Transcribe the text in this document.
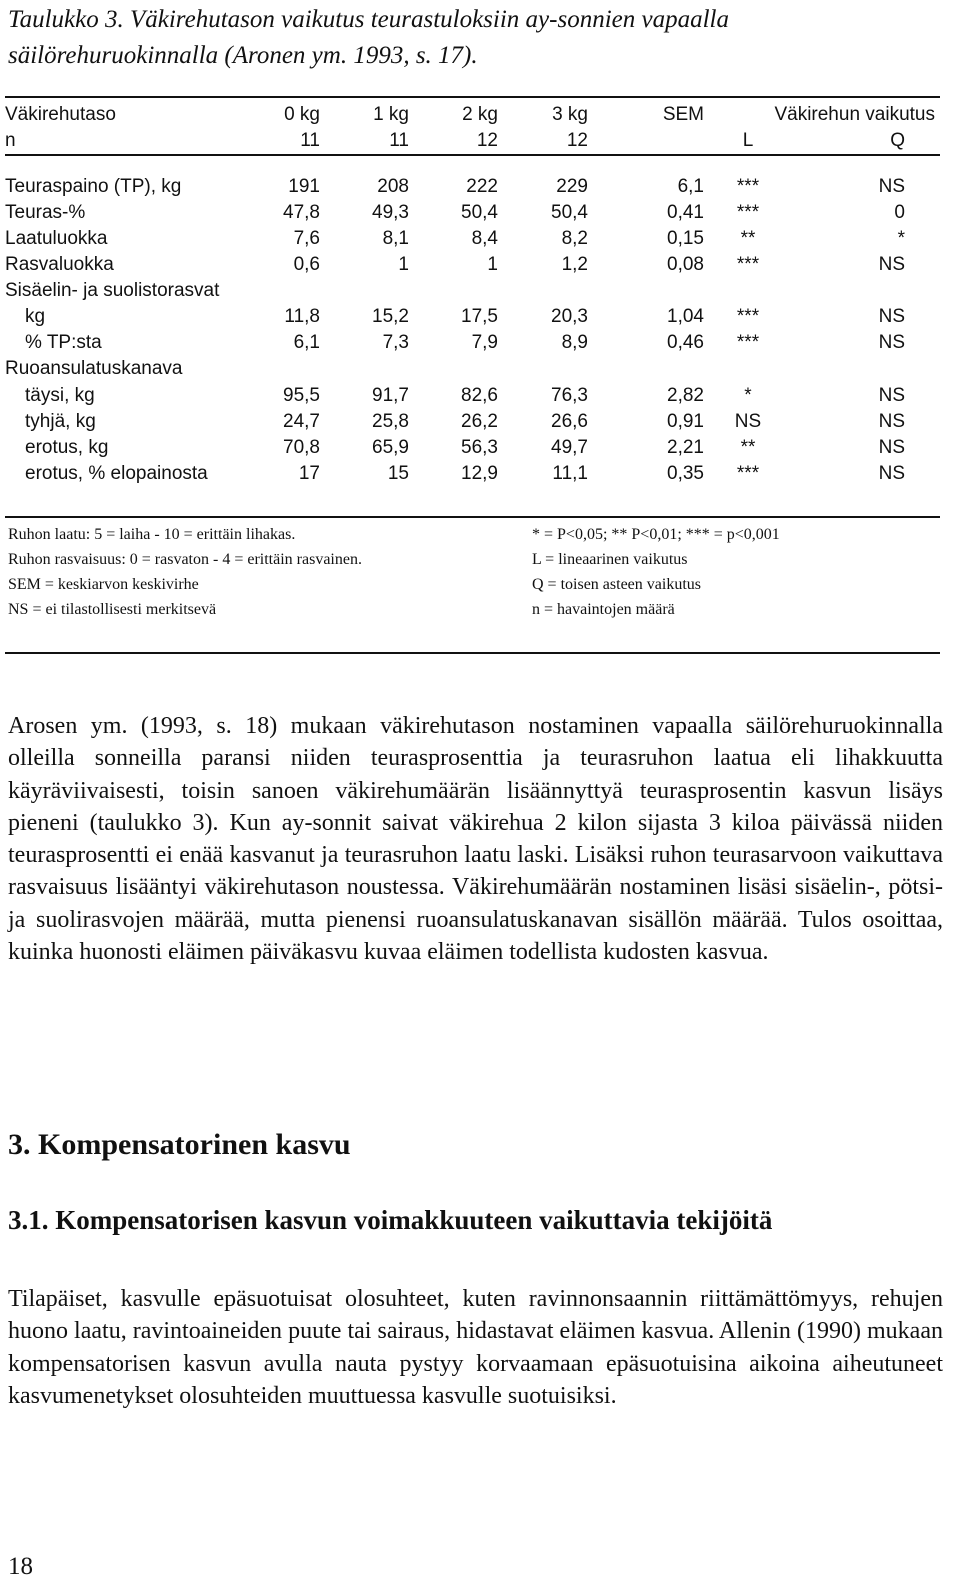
Taulukko 3. Väkirehutason vaikutus teurastuloksiin ay-sonnien vapaalla säilörehuruokinnalla (Aronen ym. 1993, s. 17).
Väkirehutaso	0 kg	1 kg	2 kg	3 kg	SEM	Väkirehun vaikutus
n	11	11	12	12	L	Q
Teuraspaino (TP), kg	191	208	222	229	6,1	***	NS
Teuras-%	47,8	49,3	50,4	50,4	0,41	***	0
Laatuluokka	7,6	8,1	8,4	8,2	0,15	**	*
Rasvaluokka	0,6	1	1	1,2	0,08	***	NS
Sisäelin- ja suolistorasvat
kg	11,8	15,2	17,5	20,3	1,04	***	NS
% TP:sta	6,1	7,3	7,9	8,9	0,46	***	NS
Ruoansulatuskanava
täysi, kg	95,5	91,7	82,6	76,3	2,82	*	NS
tyhjä, kg	24,7	25,8	26,2	26,6	0,91	NS	NS
erotus, kg	70,8	65,9	56,3	49,7	2,21	**	NS
erotus, % elopainosta	17	15	12,9	11,1	0,35	***	NS
Ruhon laatu: 5 = laiha - 10 = erittäin lihakas.
Ruhon rasvaisuus: 0 = rasvaton - 4 = erittäin rasvainen.
SEM = keskiarvon keskivirhe
NS = ei tilastollisesti merkitsevä
* = P<0,05; ** P<0,01; *** = p<0,001
L = lineaarinen vaikutus
Q = toisen asteen vaikutus
n = havaintojen määrä

Arosen ym. (1993, s. 18) mukaan väkirehutason nostaminen vapaalla säilörehuruokinnalla olleilla sonneilla paransi niiden teurasprosenttia ja teurasruhon laatua eli lihakkuutta käyräviivaisesti, toisin sanoen väkirehumäärän lisäännyttyä teurasprosentin kasvun lisäys pieneni (taulukko 3). Kun ay-sonnit saivat väkirehua 2 kilon sijasta 3 kiloa päivässä niiden teurasprosentti ei enää kasvanut ja teurasruhon laatu laski. Lisäksi ruhon teurasarvoon vaikuttava rasvaisuus lisääntyi väkirehutason noustessa. Väkirehumäärän nostaminen lisäsi sisäelin-, pötsi- ja suolirasvojen määrää, mutta pienensi ruoansulatuskanavan sisällön määrää. Tulos osoittaa, kuinka huonosti eläimen päiväkasvu kuvaa eläimen todellista kudosten kasvua.

3. Kompensatorinen kasvu
3.1. Kompensatorisen kasvun voimakkuuteen vaikuttavia tekijöitä

Tilapäiset, kasvulle epäsuotuisat olosuhteet, kuten ravinnonsaannin riittämättömyys, rehujen huono laatu, ravintoaineiden puute tai sairaus, hidastavat eläimen kasvua. Allenin (1990) mukaan kompensatorisen kasvun avulla nauta pystyy korvaamaan epäsuotuisina aikoina aiheutuneet kasvumenetykset olosuhteiden muuttuessa kasvulle suotuisiksi.

18
